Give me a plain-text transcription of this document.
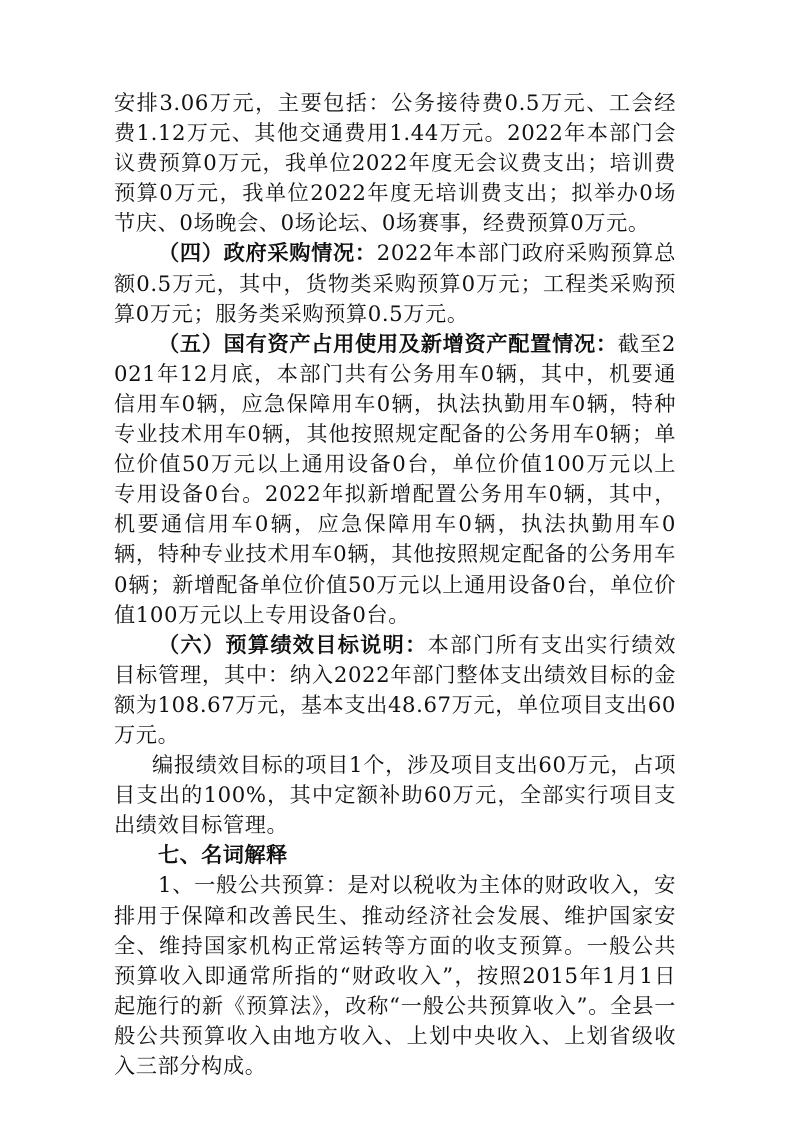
安排3.06万元，主要包括：公务接待费0.5万元、工会经费1.12万元、其他交通费用1.44万元。2022年本部门会议费预算0万元，我单位2022年度无会议费支出；培训费预算0万元，我单位2022年度无培训费支出；拟举办0场节庆、0场晚会、0场论坛、0场赛事，经费预算0万元。

（四）政府采购情况：2022年本部门政府采购预算总额0.5万元，其中，货物类采购预算0万元；工程类采购预算0万元；服务类采购预算0.5万元。

（五）国有资产占用使用及新增资产配置情况：截至2021年12月底，本部门共有公务用车0辆，其中，机要通信用车0辆，应急保障用车0辆，执法执勤用车0辆，特种专业技术用车0辆，其他按照规定配备的公务用车0辆；单位价值50万元以上通用设备0台，单位价值100万元以上专用设备0台。2022年拟新增配置公务用车0辆，其中，机要通信用车0辆，应急保障用车0辆，执法执勤用车0辆，特种专业技术用车0辆，其他按照规定配备的公务用车0辆；新增配备单位价值50万元以上通用设备0台，单位价值100万元以上专用设备0台。

（六）预算绩效目标说明：本部门所有支出实行绩效目标管理，其中：纳入2022年部门整体支出绩效目标的金额为108.67万元，基本支出48.67万元，单位项目支出60万元。

编报绩效目标的项目1个，涉及项目支出60万元，占项目支出的100%，其中定额补助60万元，全部实行项目支出绩效目标管理。

七、名词解释

1、一般公共预算：是对以税收为主体的财政收入，安排用于保障和改善民生、推动经济社会发展、维护国家安全、维持国家机构正常运转等方面的收支预算。一般公共预算收入即通常所指的“财政收入”，按照2015年1月1日起施行的新《预算法》，改称“一般公共预算收入”。全县一般公共预算收入由地方收入、上划中央收入、上划省级收入三部分构成。
